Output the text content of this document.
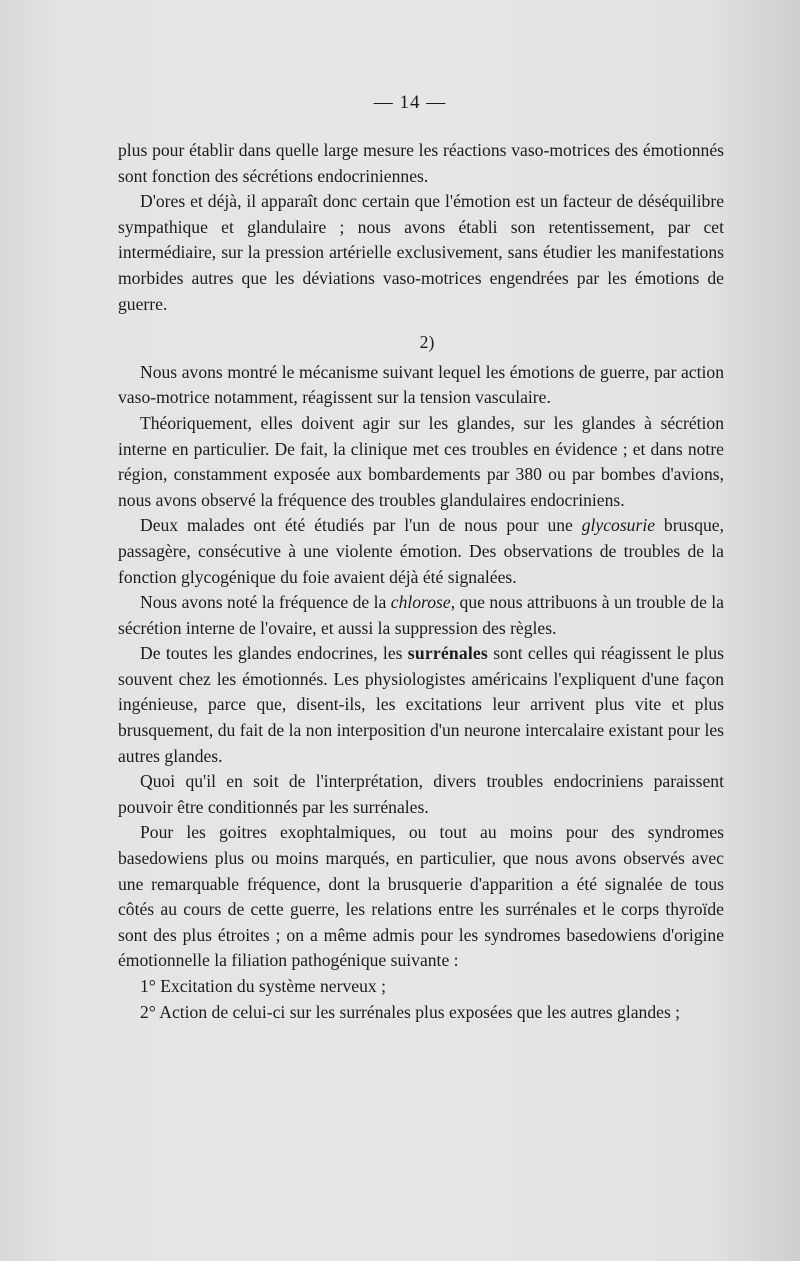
— 14 —

plus pour établir dans quelle large mesure les réactions vaso-motrices des émotionnés sont fonction des sécrétions endocriniennes.

D'ores et déjà, il apparaît donc certain que l'émotion est un facteur de déséquilibre sympathique et glandulaire ; nous avons établi son retentissement, par cet intermédiaire, sur la pression artérielle exclusivement, sans étudier les manifestations morbides autres que les déviations vaso-motrices engendrées par les émotions de guerre.

2)

Nous avons montré le mécanisme suivant lequel les émotions de guerre, par action vaso-motrice notamment, réagissent sur la tension vasculaire.

Théoriquement, elles doivent agir sur les glandes, sur les glandes à sécrétion interne en particulier. De fait, la clinique met ces troubles en évidence ; et dans notre région, constamment exposée aux bombardements par 380 ou par bombes d'avions, nous avons observé la fréquence des troubles glandulaires endocriniens.

Deux malades ont été étudiés par l'un de nous pour une glycosurie brusque, passagère, consécutive à une violente émotion. Des observations de troubles de la fonction glycogénique du foie avaient déjà été signalées.

Nous avons noté la fréquence de la chlorose, que nous attribuons à un trouble de la sécrétion interne de l'ovaire, et aussi la suppression des règles.

De toutes les glandes endocrines, les surrénales sont celles qui réagissent le plus souvent chez les émotionnés. Les physiologistes américains l'expliquent d'une façon ingénieuse, parce que, disent-ils, les excitations leur arrivent plus vite et plus brusquement, du fait de la non interposition d'un neurone intercalaire existant pour les autres glandes.

Quoi qu'il en soit de l'interprétation, divers troubles endocriniens paraissent pouvoir être conditionnés par les surrénales.

Pour les goitres exophtalmiques, ou tout au moins pour des syndromes basedowiens plus ou moins marqués, en particulier, que nous avons observés avec une remarquable fréquence, dont la brusquerie d'apparition a été signalée de tous côtés au cours de cette guerre, les relations entre les surrénales et le corps thyroïde sont des plus étroites ; on a même admis pour les syndromes basedowiens d'origine émotionnelle la filiation pathogénique suivante :

1° Excitation du système nerveux ;

2° Action de celui-ci sur les surrénales plus exposées que les autres glandes ;
